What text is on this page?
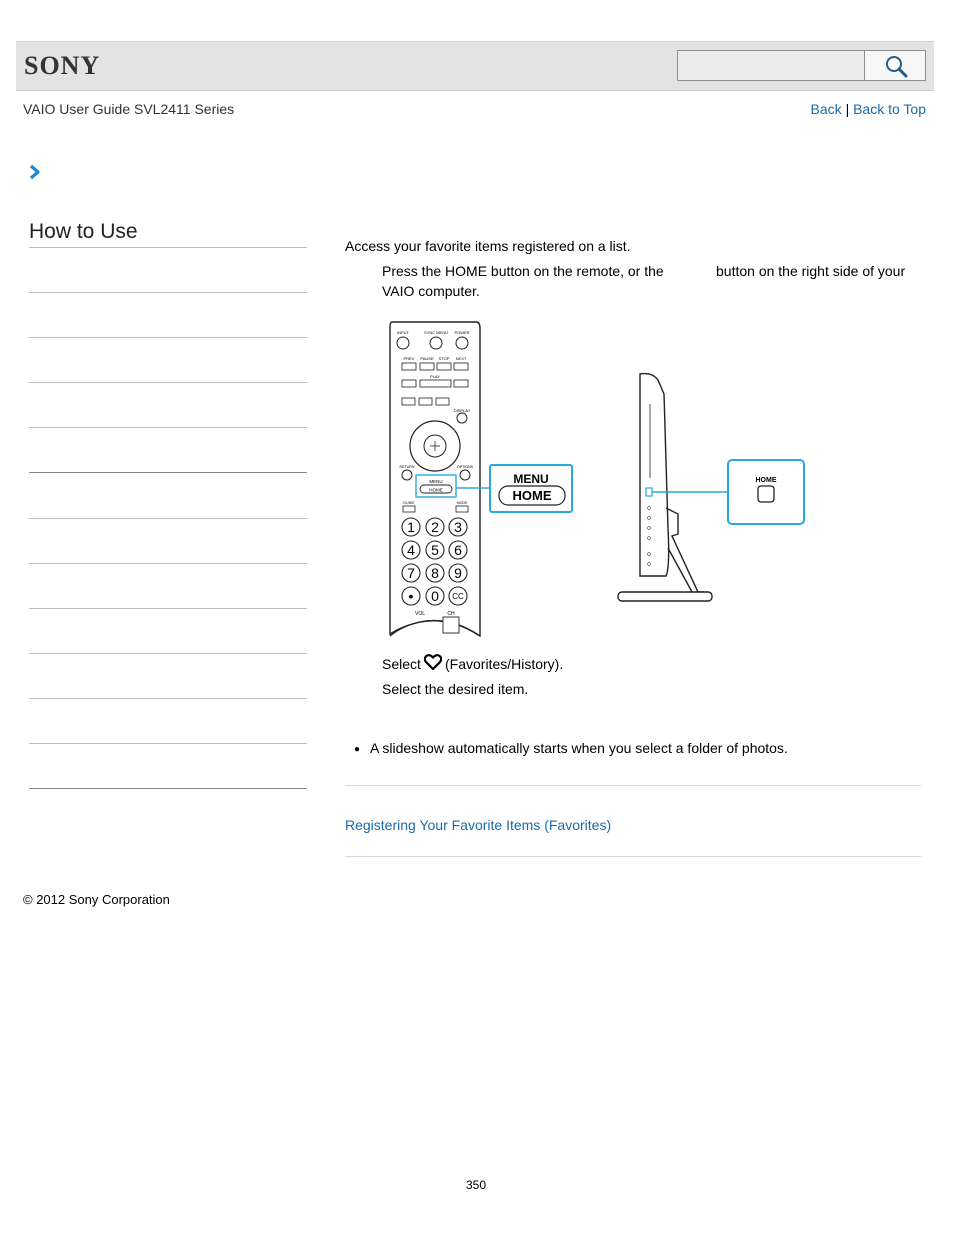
SONY
VAIO User Guide SVL2411 Series	Back | Back to Top
How to Use
Access your favorite items registered on a list.
Press the HOME button on the remote, or the	button on the right side of your
VAIO computer.
INPUT	SYNC MENU POWER
PREV PAUSE STOP NEXT
PLAY
DISPLAY
RETURN	OPTIONS
MENU
HOME
GUIDE	MODE
1 2 3
4 5 6
7 8 9
• 0 CC
VOL	CH
MENU
HOME
HOME
Select (Favorites/History).
Select the desired item.
● A slideshow automatically starts when you select a folder of photos.
Registering Your Favorite Items (Favorites)
© 2012 Sony Corporation
350
